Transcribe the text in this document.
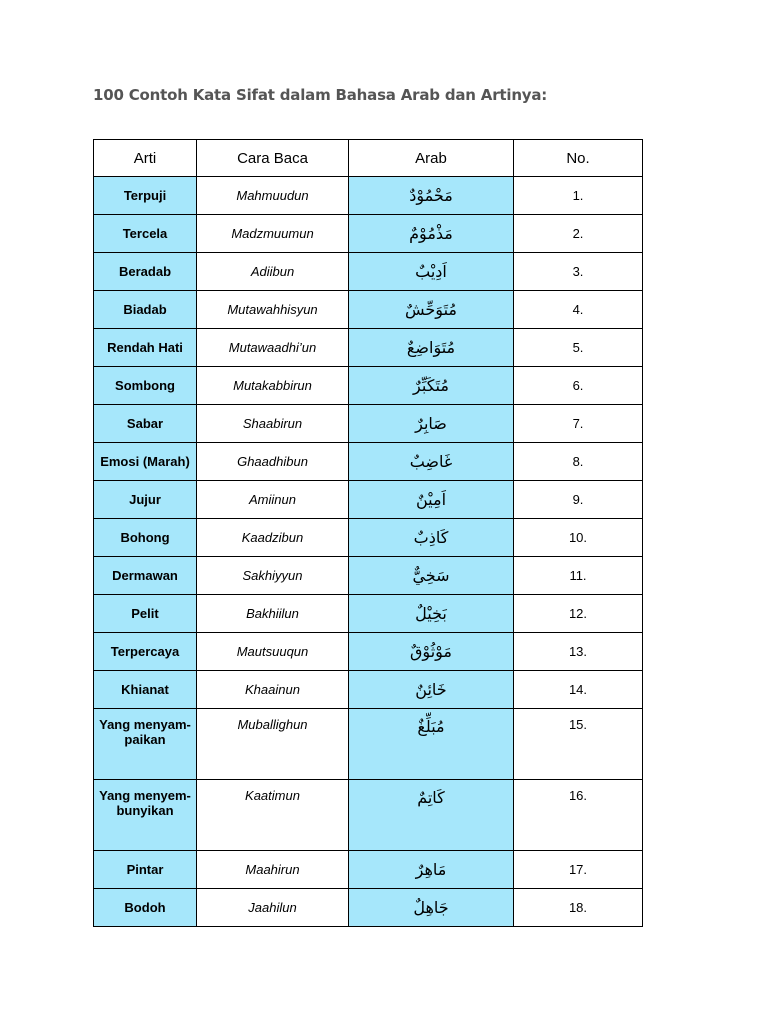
100 Contoh Kata Sifat dalam Bahasa Arab dan Artinya:
Arti	Cara Baca	Arab	No.
Terpuji	Mahmuudun	مَحْمُوْدٌ	1.
Tercela	Madzmuumun	مَذْمُوْمٌ	2.
Beradab	Adiibun	اَدِيْبٌ	3.
Biadab	Mutawahhisyun	مُتَوَحِّشٌ	4.
Rendah Hati	Mutawaadhi’un	مُتَوَاضِعٌ	5.
Sombong	Mutakabbirun	مُتَكَبِّرٌ	6.
Sabar	Shaabirun	صَابِرٌ	7.
Emosi (Marah)	Ghaadhibun	غَاضِبٌ	8.
Jujur	Amiinun	اَمِيْنٌ	9.
Bohong	Kaadzibun	كَاذِبٌ	10.
Dermawan	Sakhiyyun	سَخِيٌّ	11.
Pelit	Bakhiilun	بَخِيْلٌ	12.
Terpercaya	Mautsuuqun	مَوْثُوْقٌ	13.
Khianat	Khaainun	خَائِنٌ	14.
Yang menyam-paikan	Muballighun	مُبَلِّغٌ	15.
Yang menyem-bunyikan	Kaatimun	كَاتِمٌ	16.
Pintar	Maahirun	مَاهِرٌ	17.
Bodoh	Jaahilun	جَاهِلٌ	18.
